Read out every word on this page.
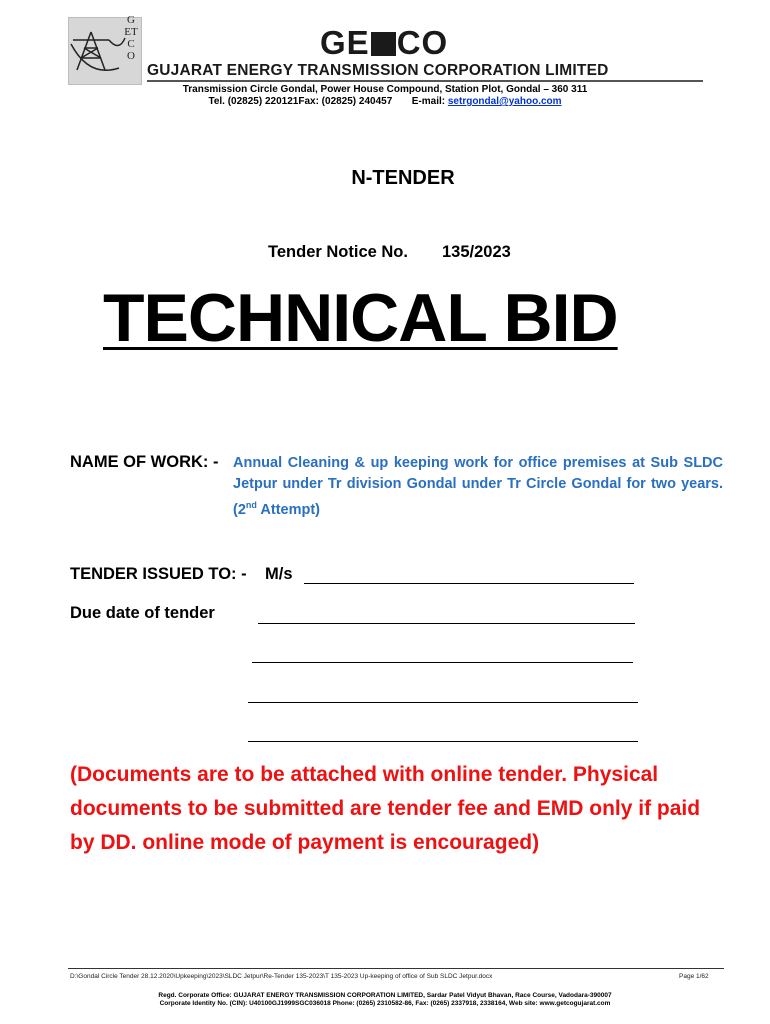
GETCO	GE CO
GUJARAT ENERGY TRANSMISSION CORPORATION LIMITED
Transmission Circle Gondal, Power House Compound, Station Plot, Gondal – 360 311
Tel. (02825) 220121Fax: (02825) 240457 E-mail: setrgondal@yahoo.com
N-TENDER
Tender Notice No. 135/2023
TECHNICAL BID
NAME OF WORK: - Annual Cleaning & up keeping work for office premises at Sub SLDC Jetpur under Tr division Gondal under Tr Circle Gondal for two years.(2nd Attempt)
TENDER ISSUED TO: - M/s
Due date of tender
(Documents are to be attached with online tender. Physical documents to be submitted are tender fee and EMD only if paid by DD. online mode of payment is encouraged)
D:\Gondal Circle Tender 28.12.2020\Upkeeping\2023\SLDC Jetpur\Re-Tender 135-2023\T 135-2023 Up-keeping of office of Sub SLDC Jetpur.docx	Page 1/62
Regd. Corporate Office: GUJARAT ENERGY TRANSMISSION CORPORATION LIMITED, Sardar Patel Vidyut Bhavan, Race Course, Vadodara-390007
Corporate Identity No. (CIN): U40100GJ1999SGC036018 Phone: (0265) 2310582-86, Fax: (0265) 2337918, 2338164, Web site: www.getcogujarat.com
